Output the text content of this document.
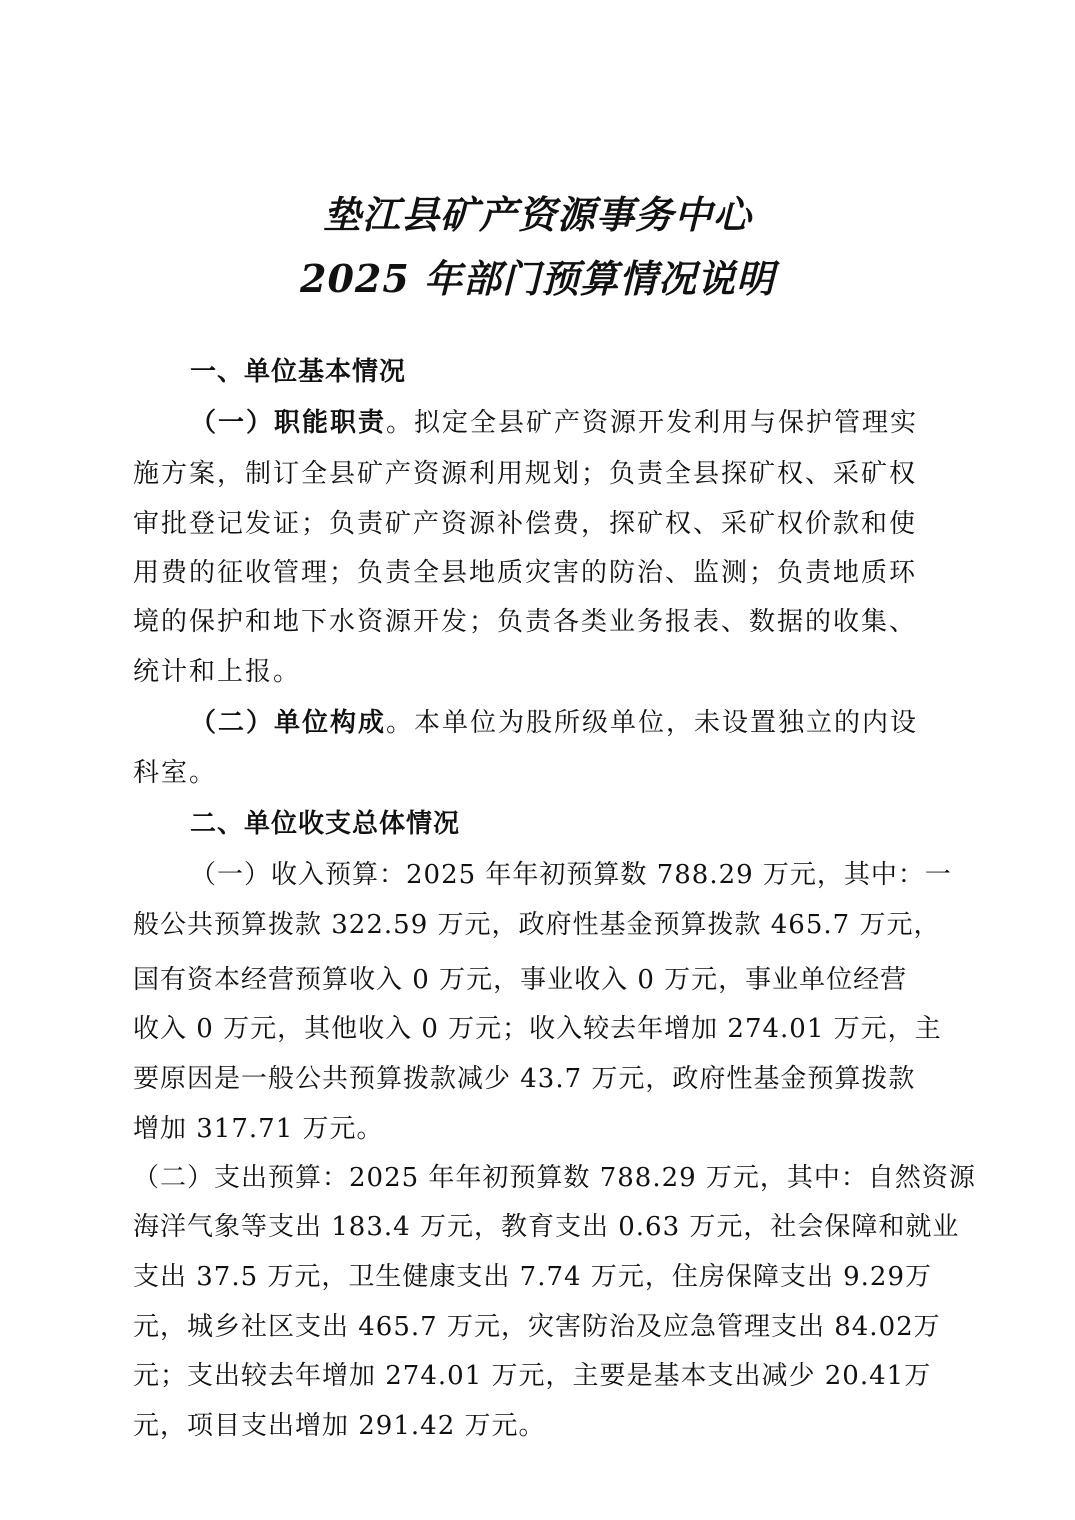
垫江县矿产资源事务中心
2025 年部门预算情况说明
一、单位基本情况
（一）职能职责。拟定全县矿产资源开发利用与保护管理实
施方案，制订全县矿产资源利用规划；负责全县探矿权、采矿权
审批登记发证；负责矿产资源补偿费，探矿权、采矿权价款和使
用费的征收管理；负责全县地质灾害的防治、监测；负责地质环
境的保护和地下水资源开发；负责各类业务报表、数据的收集、
统计和上报。
（二）单位构成。本单位为股所级单位，未设置独立的内设
科室。
二、单位收支总体情况
（一）收入预算：2025 年年初预算数 788.29 万元，其中：一
般公共预算拨款 322.59 万元，政府性基金预算拨款 465.7 万元，
国有资本经营预算收入 0 万元，事业收入 0 万元，事业单位经营
收入 0 万元，其他收入 0 万元；收入较去年增加 274.01 万元，主
要原因是一般公共预算拨款减少 43.7 万元，政府性基金预算拨款
增加 317.71 万元。
（二）支出预算：2025 年年初预算数 788.29 万元，其中：自然资源
海洋气象等支出 183.4 万元，教育支出 0.63 万元，社会保障和就业
支出 37.5 万元，卫生健康支出 7.74 万元，住房保障支出 9.29万
元，城乡社区支出 465.7 万元，灾害防治及应急管理支出 84.02万
元；支出较去年增加 274.01 万元，主要是基本支出减少 20.41万
元，项目支出增加 291.42 万元。
